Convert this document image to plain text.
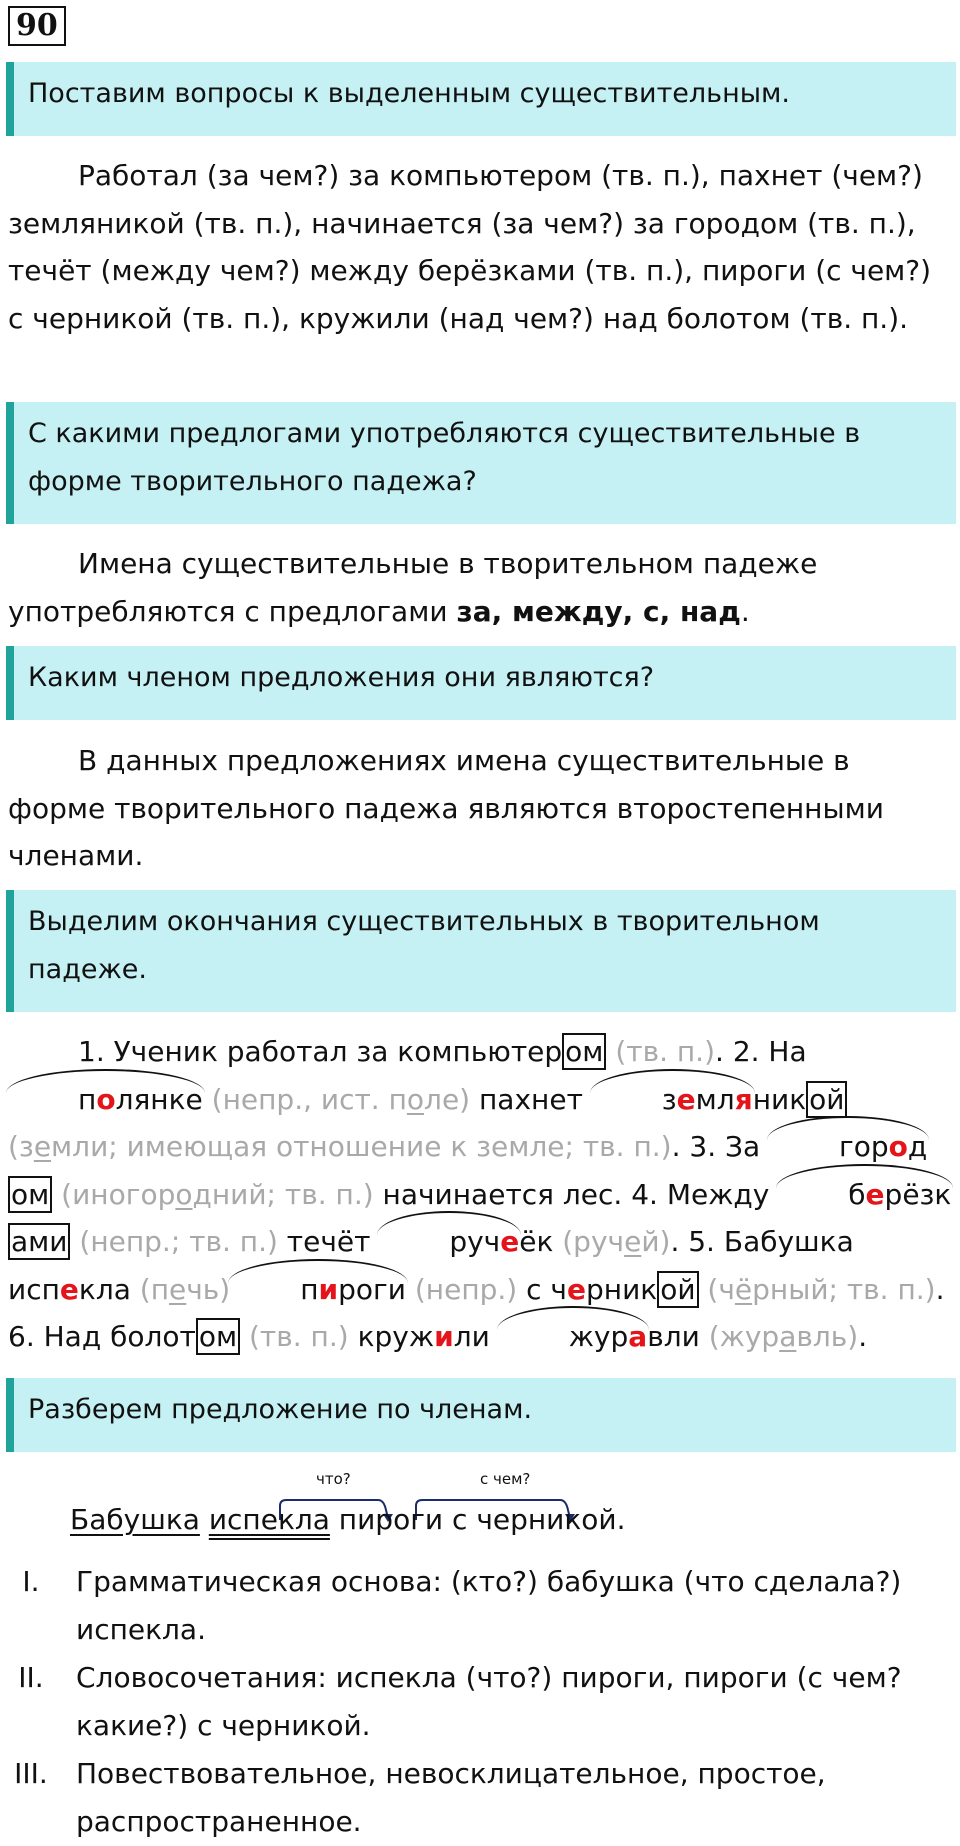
90
Поставим вопросы к выделенным существительным.

Работал (за чем?) за компьютером (тв. п.), пахнет (чем?) земляникой (тв. п.), начинается (за чем?) за городом (тв. п.), течёт (между чем?) между берёзками (тв. п.), пироги (с чем?) с черникой (тв. п.), кружили (над чем?) над болотом (тв. п.).

С какими предлогами употребляются существительные в форме творительного падежа?

Имена существительные в творительном падеже употребляются с предлогами за, между, с, над.

Каким членом предложения они являются?

В данных предложениях имена существительные в форме творительного падежа являются второстепенными членами.

Выделим окончания существительных в творительном падеже.

1. Ученик работал за компьютер ом (тв. п.). 2. На полянке (непр., ист. поле) пахнет	земляник ой (земли; имеющая отношение к земле; тв. п.). 3. За	городом (иногородний; тв. п.) начинается лес. 4. Между	берёзками (непр.; тв. п.) течёт	ручеёк (ручей). 5. Бабушка испекла (печь)	пироги (непр.) с черник ой (чёрный; тв. п.). 6. Над болот ом (тв. п.) кружили	журавли (журавль).

Разберем предложение по членам.
что?	с чем?
Бабушка испекла пироги с черникой.
I.	Грамматическая основа: (кто?) бабушка (что сделала?) испекла.
II.	Словосочетания: испекла (что?) пироги, пироги (с чем? какие?) с черникой.
III. Повествовательное, невосклицательное, простое, распространенное.
